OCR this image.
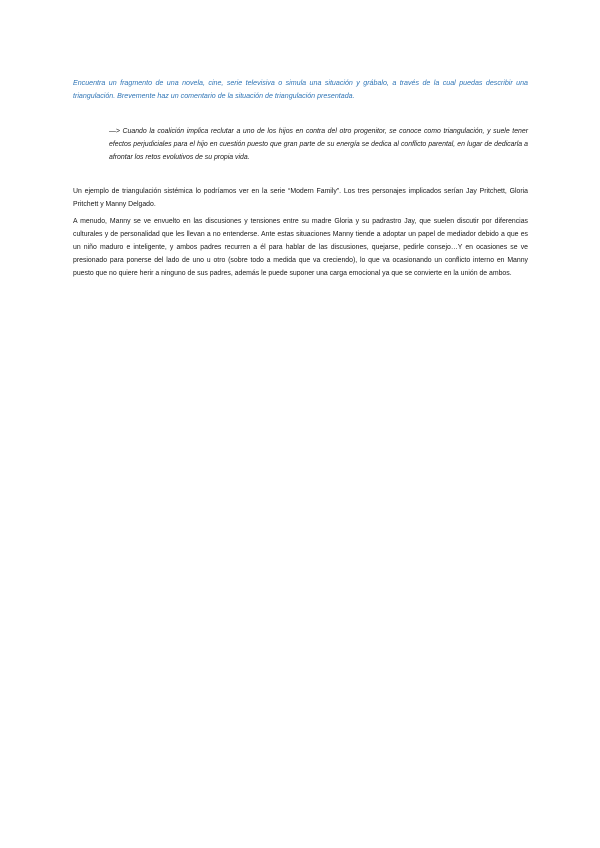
Encuentra un fragmento de una novela, cine, serie televisiva o simula una situación y grábalo, a través de la cual puedas describir una triangulación. Brevemente haz un comentario de la situación de triangulación presentada.

—> Cuando la coalición implica reclutar a uno de los hijos en contra del otro progenitor, se conoce como triangulación, y suele tener efectos perjudiciales para el hijo en cuestión puesto que gran parte de su energía se dedica al conflicto parental, en lugar de dedicarla a afrontar los retos evolutivos de su propia vida.

Un ejemplo de triangulación sistémica lo podríamos ver en la serie “Modern Family”. Los tres personajes implicados serían Jay Pritchett, Gloria Pritchett y Manny Delgado.

A menudo, Manny se ve envuelto en las discusiones y tensiones entre su madre Gloria y su padrastro Jay, que suelen discutir por diferencias culturales y de personalidad que les llevan a no entenderse. Ante estas situaciones Manny tiende a adoptar un papel de mediador debido a que es un niño maduro e inteligente, y ambos padres recurren a él para hablar de las discusiones, quejarse, pedirle consejo…Y en ocasiones se ve presionado para ponerse del lado de uno u otro (sobre todo a medida que va creciendo), lo que va ocasionando un conflicto interno en Manny puesto que no quiere herir a ninguno de sus padres, además le puede suponer una carga emocional ya que se convierte en la unión de ambos.
